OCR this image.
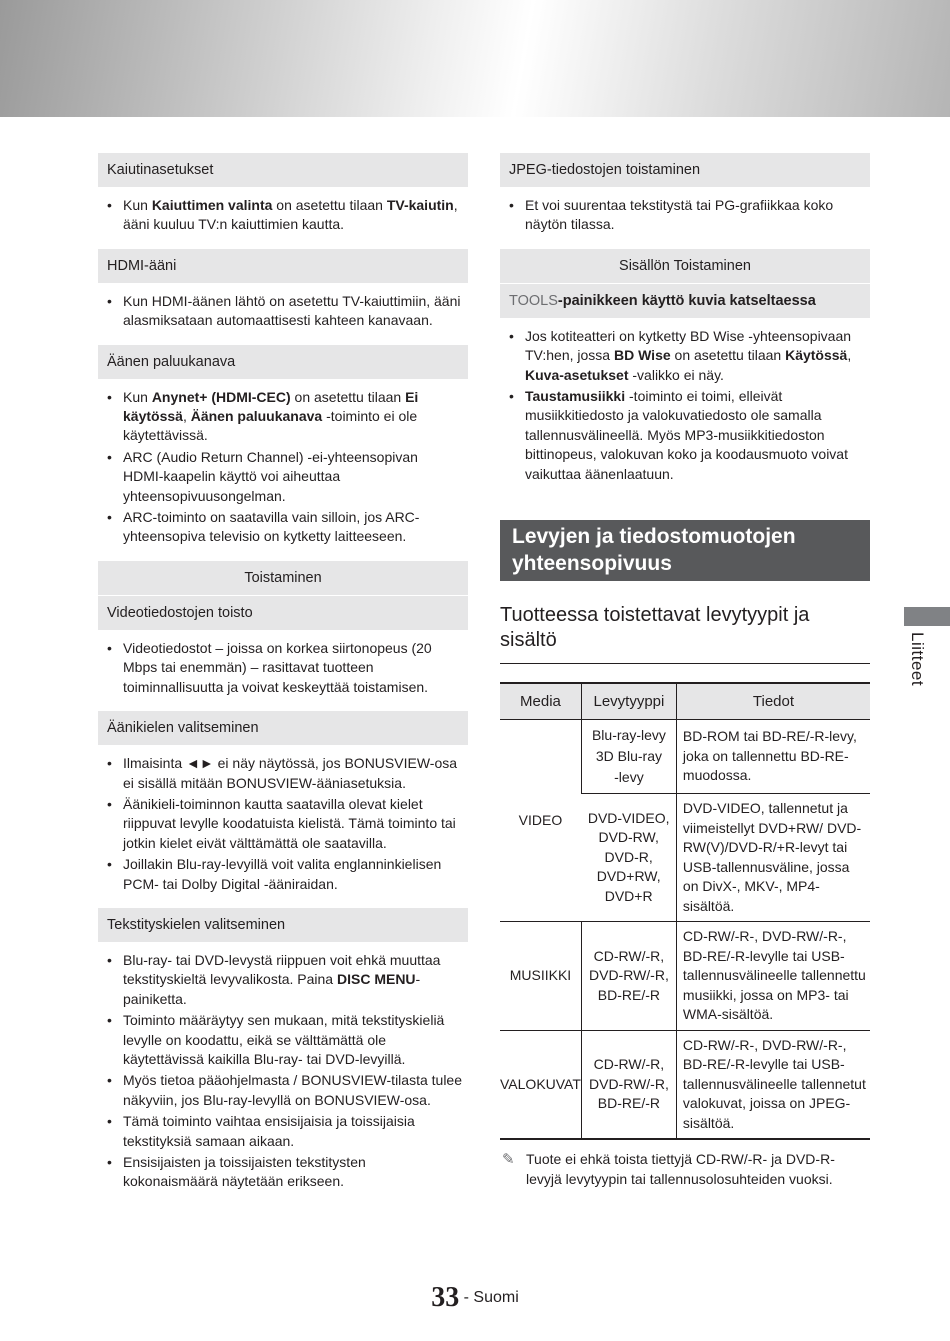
Kaiutinasetukset
• Kun Kaiuttimen valinta on asetettu tilaan TV-kaiutin, ääni kuuluu TV:n kaiuttimien kautta.
HDMI-ääni
• Kun HDMI-äänen lähtö on asetettu TV-kaiuttimiin, ääni alasmiksataan automaattisesti kahteen kanavaan.
Äänen paluukanava
• Kun Anynet+ (HDMI-CEC) on asetettu tilaan Ei käytössä, Äänen paluukanava -toiminto ei ole käytettävissä.
• ARC (Audio Return Channel) -ei-yhteensopivan HDMI-kaapelin käyttö voi aiheuttaa yhteensopivuusongelman.
• ARC-toiminto on saatavilla vain silloin, jos ARC-yhteensopiva televisio on kytketty laitteeseen.
Toistaminen
Videotiedostojen toisto
• Videotiedostot – joissa on korkea siirtonopeus (20 Mbps tai enemmän) – rasittavat tuotteen toiminnallisuutta ja voivat keskeyttää toistamisen.
Äänikielen valitseminen
• Ilmaisinta ◄► ei näy näytössä, jos BONUSVIEW-osa ei sisällä mitään BONUSVIEW-ääniasetuksia.
• Äänikieli-toiminnon kautta saatavilla olevat kielet riippuvat levylle koodatuista kielistä. Tämä toiminto tai jotkin kielet eivät välttämättä ole saatavilla.
• Joillakin Blu-ray-levyillä voit valita englanninkielisen PCM- tai Dolby Digital -ääniraidan.
Tekstityskielen valitseminen
• Blu-ray- tai DVD-levystä riippuen voit ehkä muuttaa tekstityskieltä levyvalikosta. Paina DISC MENU-painiketta.
• Toiminto määräytyy sen mukaan, mitä tekstityskieliä levylle on koodattu, eikä se välttämättä ole käytettävissä kaikilla Blu-ray- tai DVD-levyillä.
• Myös tietoa pääohjelmasta / BONUSVIEW-tilasta tulee näkyviin, jos Blu-ray-levyllä on BONUSVIEW-osa.
• Tämä toiminto vaihtaa ensisijaisia ja toissijaisia tekstityksiä samaan aikaan.
• Ensisijaisten ja toissijaisten tekstitysten kokonaismäärä näytetään erikseen.
JPEG-tiedostojen toistaminen
• Et voi suurentaa tekstitystä tai PG-grafiikkaa koko näytön tilassa.
Sisällön Toistaminen
TOOLS-painikkeen käyttö kuvia katseltaessa
• Jos kotiteatteri on kytketty BD Wise -yhteensopivaan TV:hen, jossa BD Wise on asetettu tilaan Käytössä, Kuva-asetukset -valikko ei näy.
• Taustamusiikki -toiminto ei toimi, elleivät musiikkitiedosto ja valokuvatiedosto ole samalla tallennusvälineellä. Myös MP3-musiikkitiedoston bittinopeus, valokuvan koko ja koodausmuoto voivat vaikuttaa äänenlaatuun.
Levyjen ja tiedostomuotojen yhteensopivuus
Tuotteessa toistettavat levytyypit ja sisältö
Media	Levytyyppi	Tiedot
VIDEO	Blu-ray-levy
3D Blu-ray
-levy	BD-ROM tai BD-RE/-R-levy, joka on tallennettu BD-RE-muodossa.
	DVD-VIDEO,
DVD-RW,
DVD-R,
DVD+RW,
DVD+R	DVD-VIDEO, tallennetut ja viimeistellyt DVD+RW/ DVD-RW(V)/DVD-R/+R-levyt tai USB-tallennusväline, jossa on DivX-, MKV-, MP4-sisältöä.
MUSIIKKI	CD-RW/-R,
DVD-RW/-R,
BD-RE/-R	CD-RW/-R-, DVD-RW/-R-, BD-RE/-R-levylle tai USB-tallennusvälineelle tallennettu musiikki, jossa on MP3- tai WMA-sisältöä.
VALOKUVAT	CD-RW/-R,
DVD-RW/-R,
BD-RE/-R	CD-RW/-R-, DVD-RW/-R-, BD-RE/-R-levylle tai USB-tallennusvälineelle tallennetut valokuvat, joissa on JPEG-sisältöä.
✎ Tuote ei ehkä toista tiettyjä CD-RW/-R- ja DVD-R-levyjä levytyypin tai tallennusolosuhteiden vuoksi.
Liitteet
33 - Suomi
